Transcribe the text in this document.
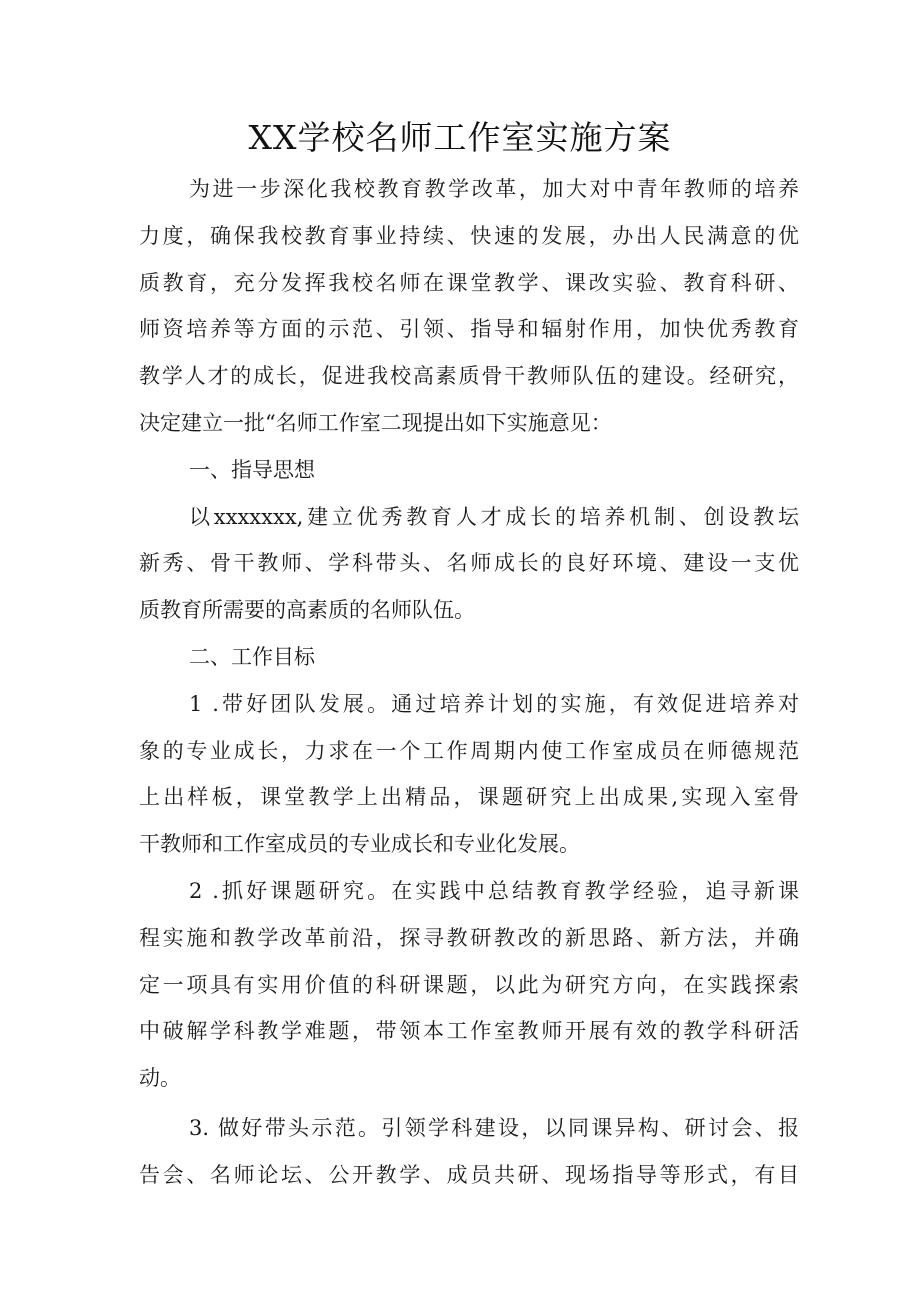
XX学校名师工作室实施方案
为进一步深化我校教育教学改革，加大对中青年教师的培养
力度，确保我校教育事业持续、快速的发展，办出人民满意的优
质教育，充分发挥我校名师在课堂教学、课改实验、教育科研、
师资培养等方面的示范、引领、指导和辐射作用，加快优秀教育
教学人才的成长，促进我校高素质骨干教师队伍的建设。经研究，
决定建立一批“名师工作室二现提出如下实施意见：
一、指导思想
以xxxxxxx,建立优秀教育人才成长的培养机制、创设教坛
新秀、骨干教师、学科带头、名师成长的良好环境、建设一支优
质教育所需要的高素质的名师队伍。
二、工作目标
1 .带好团队发展。通过培养计划的实施，有效促进培养对
象的专业成长，力求在一个工作周期内使工作室成员在师德规范
上出样板，课堂教学上出精品，课题研究上出成果,实现入室骨
干教师和工作室成员的专业成长和专业化发展。
2 .抓好课题研究。在实践中总结教育教学经验，追寻新课
程实施和教学改革前沿，探寻教研教改的新思路、新方法，并确
定一项具有实用价值的科研课题，以此为研究方向，在实践探索
中破解学科教学难题，带领本工作室教师开展有效的教学科研活
动。
3. 做好带头示范。引领学科建设，以同课异构、研讨会、报
告会、名师论坛、公开教学、成员共研、现场指导等形式，有目
